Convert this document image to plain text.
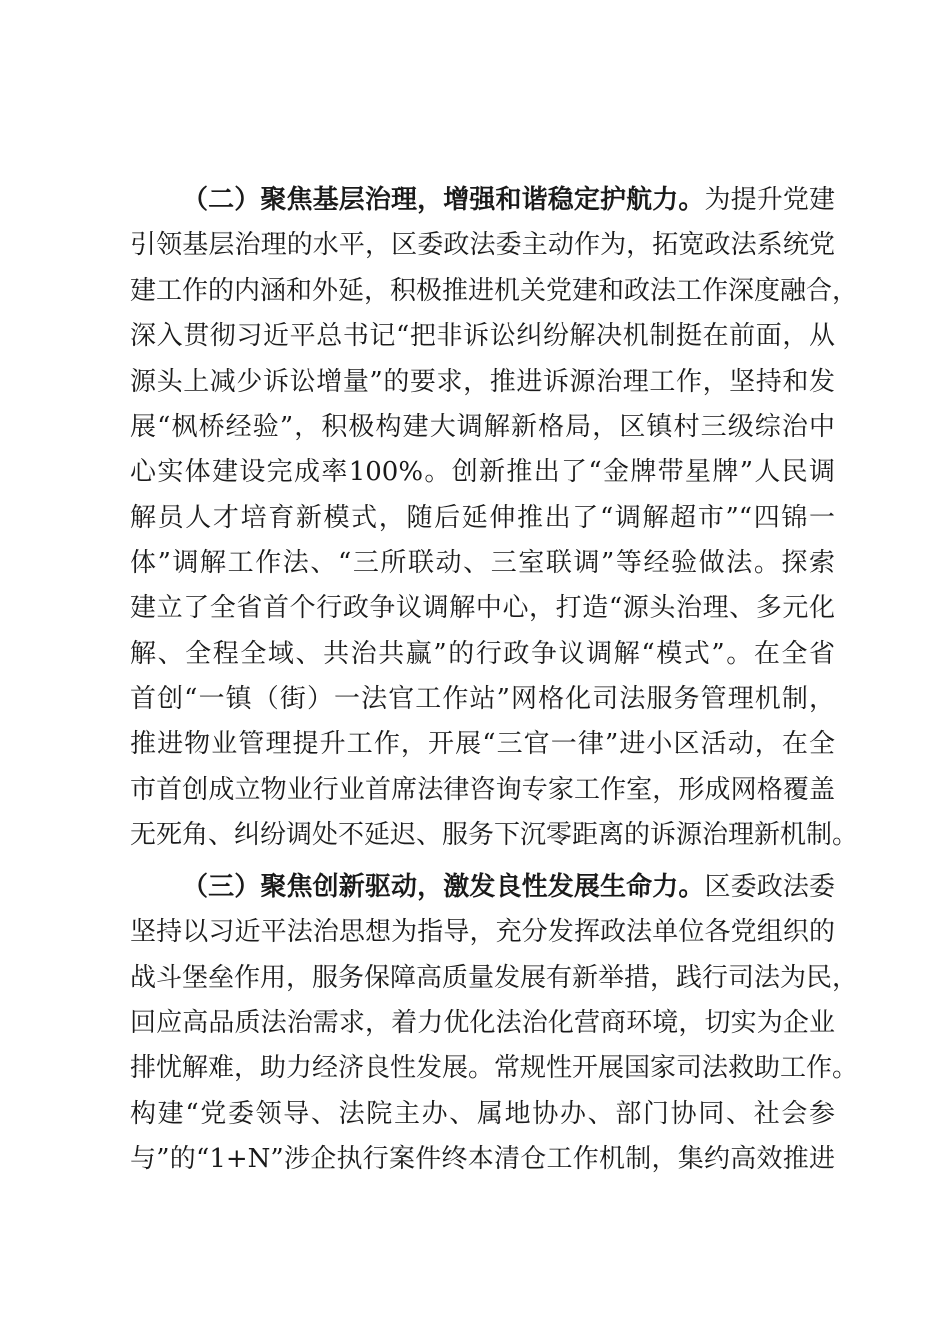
（二）聚焦基层治理，增强和谐稳定护航力。为提升党建
引领基层治理的水平，区委政法委主动作为，拓宽政法系统党
建工作的内涵和外延，积极推进机关党建和政法工作深度融合，
深入贯彻习近平总书记“把非诉讼纠纷解决机制挺在前面，从
源头上减少诉讼增量”的要求，推进诉源治理工作，坚持和发
展“枫桥经验”，积极构建大调解新格局，区镇村三级综治中
心实体建设完成率100%。创新推出了“金牌带星牌”人民调
解员人才培育新模式，随后延伸推出了“调解超市”“四锦一
体”调解工作法、“三所联动、三室联调”等经验做法。探索
建立了全省首个行政争议调解中心，打造“源头治理、多元化
解、全程全域、共治共赢”的行政争议调解“模式”。在全省
首创“一镇（街）一法官工作站”网格化司法服务管理机制，
推进物业管理提升工作，开展“三官一律”进小区活动，在全
市首创成立物业行业首席法律咨询专家工作室，形成网格覆盖
无死角、纠纷调处不延迟、服务下沉零距离的诉源治理新机制。
（三）聚焦创新驱动，激发良性发展生命力。区委政法委
坚持以习近平法治思想为指导，充分发挥政法单位各党组织的
战斗堡垒作用，服务保障高质量发展有新举措，践行司法为民，
回应高品质法治需求，着力优化法治化营商环境，切实为企业
排忧解难，助力经济良性发展。常规性开展国家司法救助工作。
构建“党委领导、法院主办、属地协办、部门协同、社会参
与”的“1+N”涉企执行案件终本清仓工作机制，集约高效推进
